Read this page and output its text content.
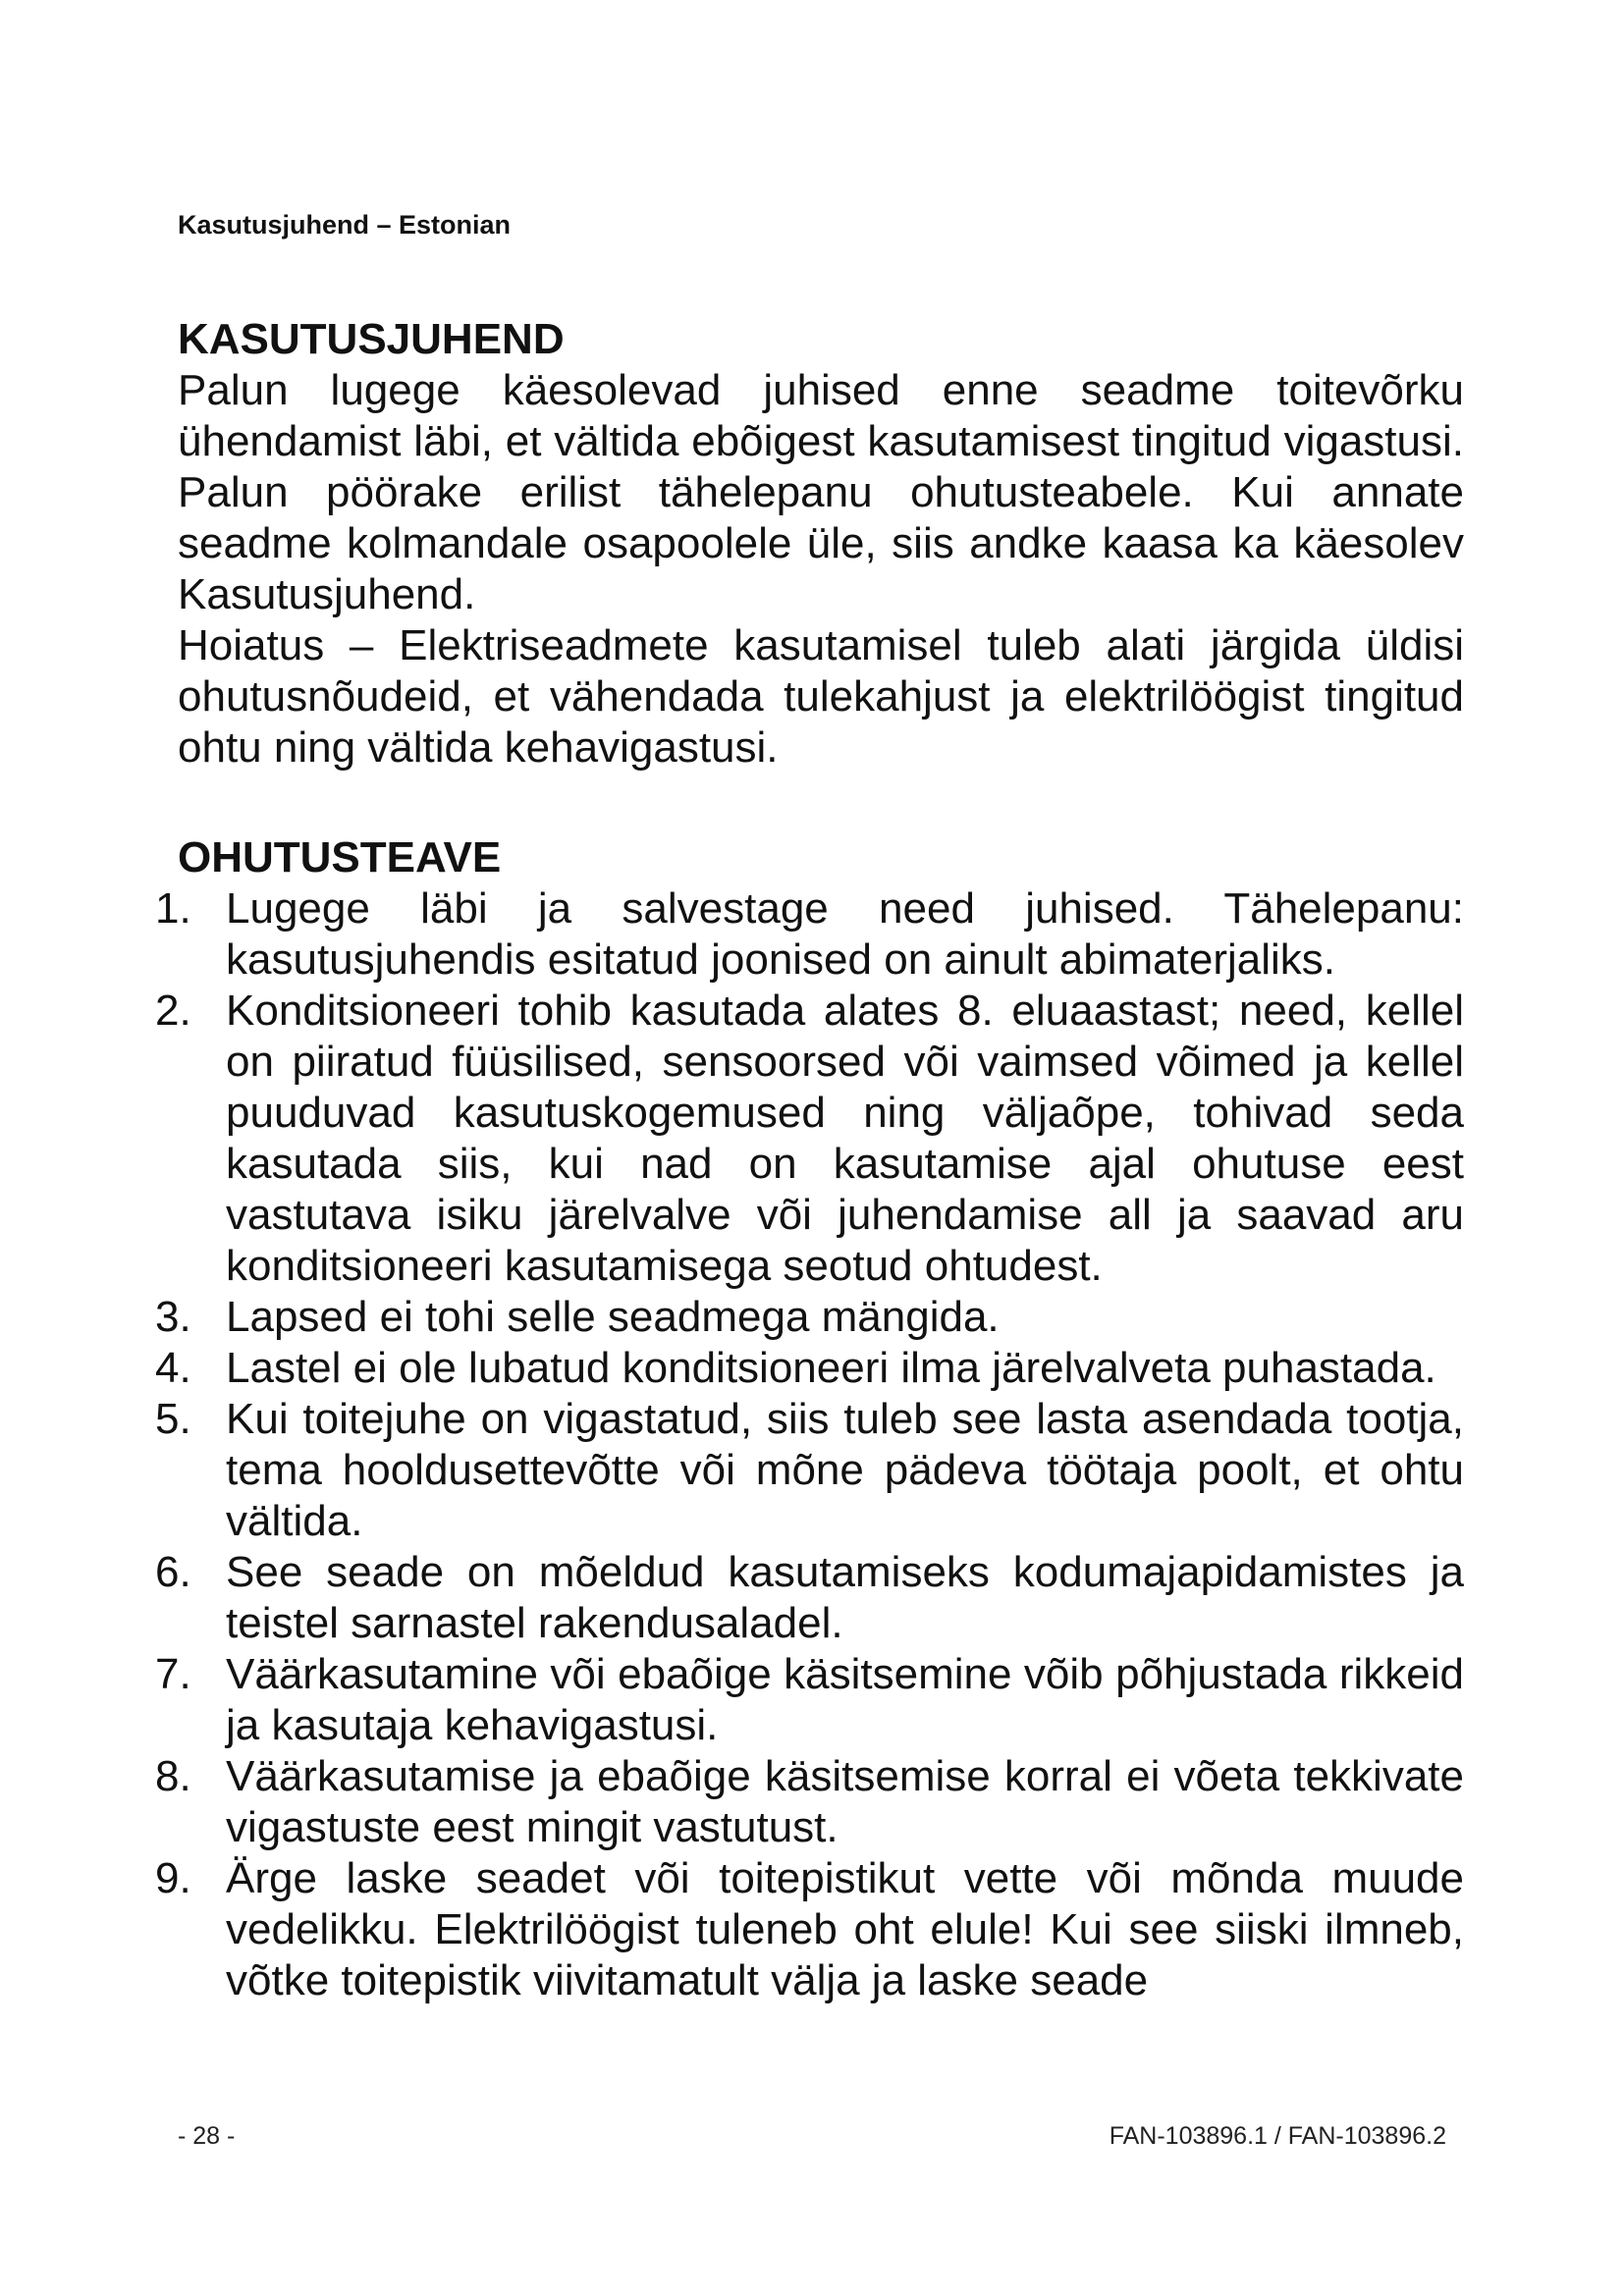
Kasutusjuhend – Estonian
KASUTUSJUHEND

Palun lugege käesolevad juhised enne seadme toitevõrku ühendamist läbi, et vältida ebõigest kasutamisest tingitud vigastusi. Palun pöörake erilist tähelepanu ohutusteabele. Kui annate seadme kolmandale osapoolele üle, siis andke kaasa ka käesolev Kasutusjuhend.

Hoiatus – Elektriseadmete kasutamisel tuleb alati järgida üldisi ohutusnõudeid, et vähendada tulekahjust ja elektrilöögist tingitud ohtu ning vältida kehavigastusi.

OHUTUSTEAVE
1. Lugege läbi ja salvestage need juhised. Tähelepanu: kasutusjuhendis esitatud joonised on ainult abimaterjaliks.
2. Konditsioneeri tohib kasutada alates 8. eluaastast; need, kellel on piiratud füüsilised, sensoorsed või vaimsed võimed ja kellel puuduvad kasutuskogemused ning väljaõpe, tohivad seda kasutada siis, kui nad on kasutamise ajal ohutuse eest vastutava isiku järelvalve või juhendamise all ja saavad aru konditsioneeri kasutamisega seotud ohtudest.
3. Lapsed ei tohi selle seadmega mängida.
4. Lastel ei ole lubatud konditsioneeri ilma järelvalveta puhastada.
5. Kui toitejuhe on vigastatud, siis tuleb see lasta asendada tootja, tema hooldusettevõtte või mõne pädeva töötaja poolt, et ohtu vältida.
6. See seade on mõeldud kasutamiseks kodumajapidamistes ja teistel sarnastel rakendusaladel.
7. Väärkasutamine või ebaõige käsitsemine võib põhjustada rikkeid ja kasutaja kehavigastusi.
8. Väärkasutamise ja ebaõige käsitsemise korral ei võeta tekkivate vigastuste eest mingit vastutust.
9. Ärge laske seadet või toitepistikut vette või mõnda muude vedelikku. Elektrilöögist tuleneb oht elule! Kui see siiski ilmneb, võtke toitepistik viivitamatult välja ja laske seade
- 28 -	FAN-103896.1 / FAN-103896.2
